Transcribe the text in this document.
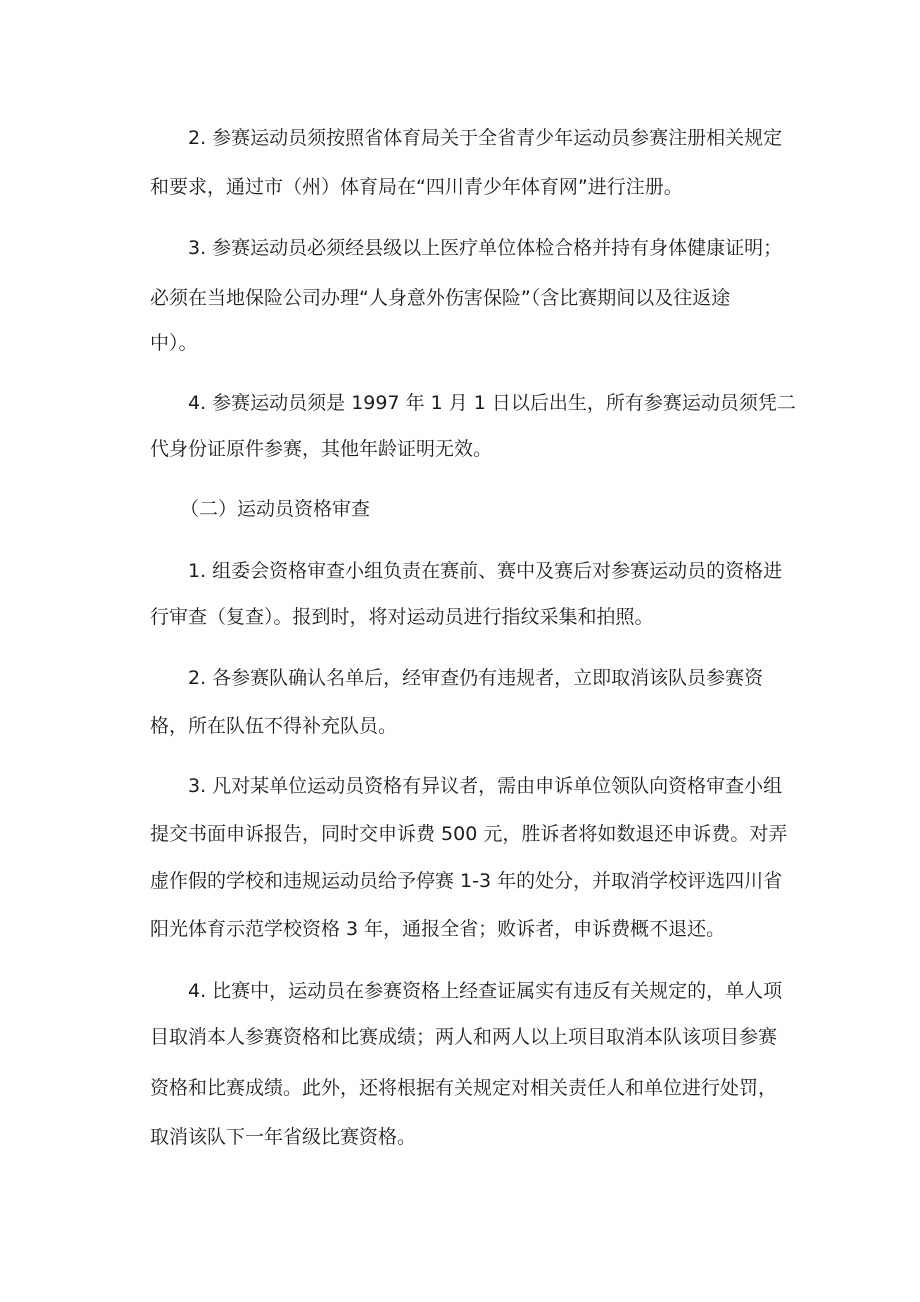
2. 参赛运动员须按照省体育局关于全省青少年运动员参赛注册相关规定

和要求，通过市（州）体育局在“四川青少年体育网”进行注册。

3. 参赛运动员必须经县级以上医疗单位体检合格并持有身体健康证明；

必须在当地保险公司办理“人身意外伤害保险”（含比赛期间以及往返途

中）。

4. 参赛运动员须是 1997 年 1 月 1 日以后出生，所有参赛运动员须凭二

代身份证原件参赛，其他年龄证明无效。

（二）运动员资格审查

1. 组委会资格审查小组负责在赛前、赛中及赛后对参赛运动员的资格进

行审查（复查）。报到时，将对运动员进行指纹采集和拍照。

2. 各参赛队确认名单后，经审查仍有违规者，立即取消该队员参赛资

格，所在队伍不得补充队员。

3. 凡对某单位运动员资格有异议者，需由申诉单位领队向资格审查小组

提交书面申诉报告，同时交申诉费 500 元，胜诉者将如数退还申诉费。对弄

虚作假的学校和违规运动员给予停赛 1-3 年的处分，并取消学校评选四川省

阳光体育示范学校资格 3 年，通报全省；败诉者，申诉费概不退还。

4. 比赛中，运动员在参赛资格上经查证属实有违反有关规定的，单人项

目取消本人参赛资格和比赛成绩；两人和两人以上项目取消本队该项目参赛

资格和比赛成绩。此外，还将根据有关规定对相关责任人和单位进行处罚，

取消该队下一年省级比赛资格。
